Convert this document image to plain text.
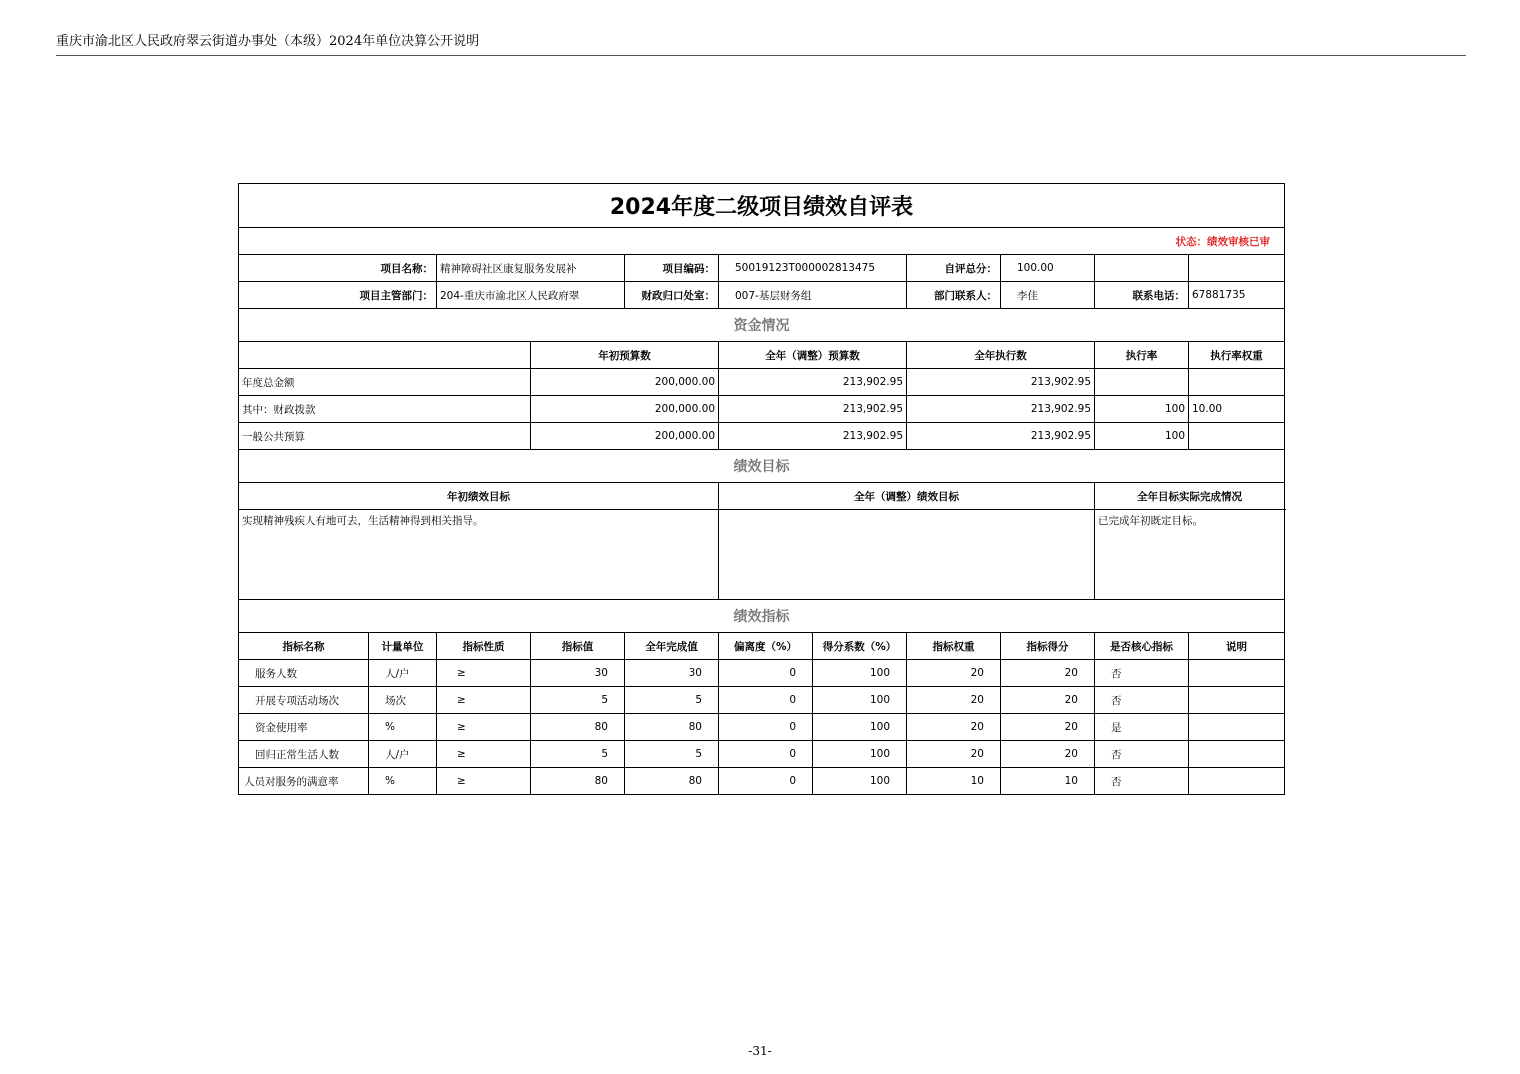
重庆市渝北区人民政府翠云街道办事处（本级）2024年单位决算公开说明
2024年度二级项目绩效自评表											
状态：绩效审核已审											
项目名称：		精神障碍社区康复服务发展补		项目编码：	50019123T000002813475		自评总分：	100.00			
项目主管部门：		204-重庆市渝北区人民政府翠		财政归口处室：	007-基层财务组		部门联系人：	李佳	联系电话：	67881735	
资金情况											
			年初预算数		全年（调整）预算数		全年执行数		执行率	执行率权重	
年度总金额			200,000.00		213,902.95		213,902.95				
其中：财政拨款			200,000.00		213,902.95		213,902.95		100	10.00	
一般公共预算			200,000.00		213,902.95		213,902.95		100		
绩效目标											
年初绩效目标					全年（调整）绩效目标				全年目标实际完成情况		
实现精神残疾人有地可去，生活精神得到相关指导。									已完成年初既定目标。		
绩效指标											
指标名称	计量单位	指标性质	指标值	全年完成值	偏离度（%）	得分系数（%）	指标权重	指标得分	是否核心指标	说明	
服务人数	人/户	≥	30	30	0	100	20	20	否		
开展专项活动场次	场次	≥	5	5	0	100	20	20	否		
资金使用率	%	≥	80	80	0	100	20	20	是		
回归正常生活人数	人/户	≥	5	5	0	100	20	20	否		
人员对服务的满意率	%	≥	80	80	0	100	10	10	否		
-31-
